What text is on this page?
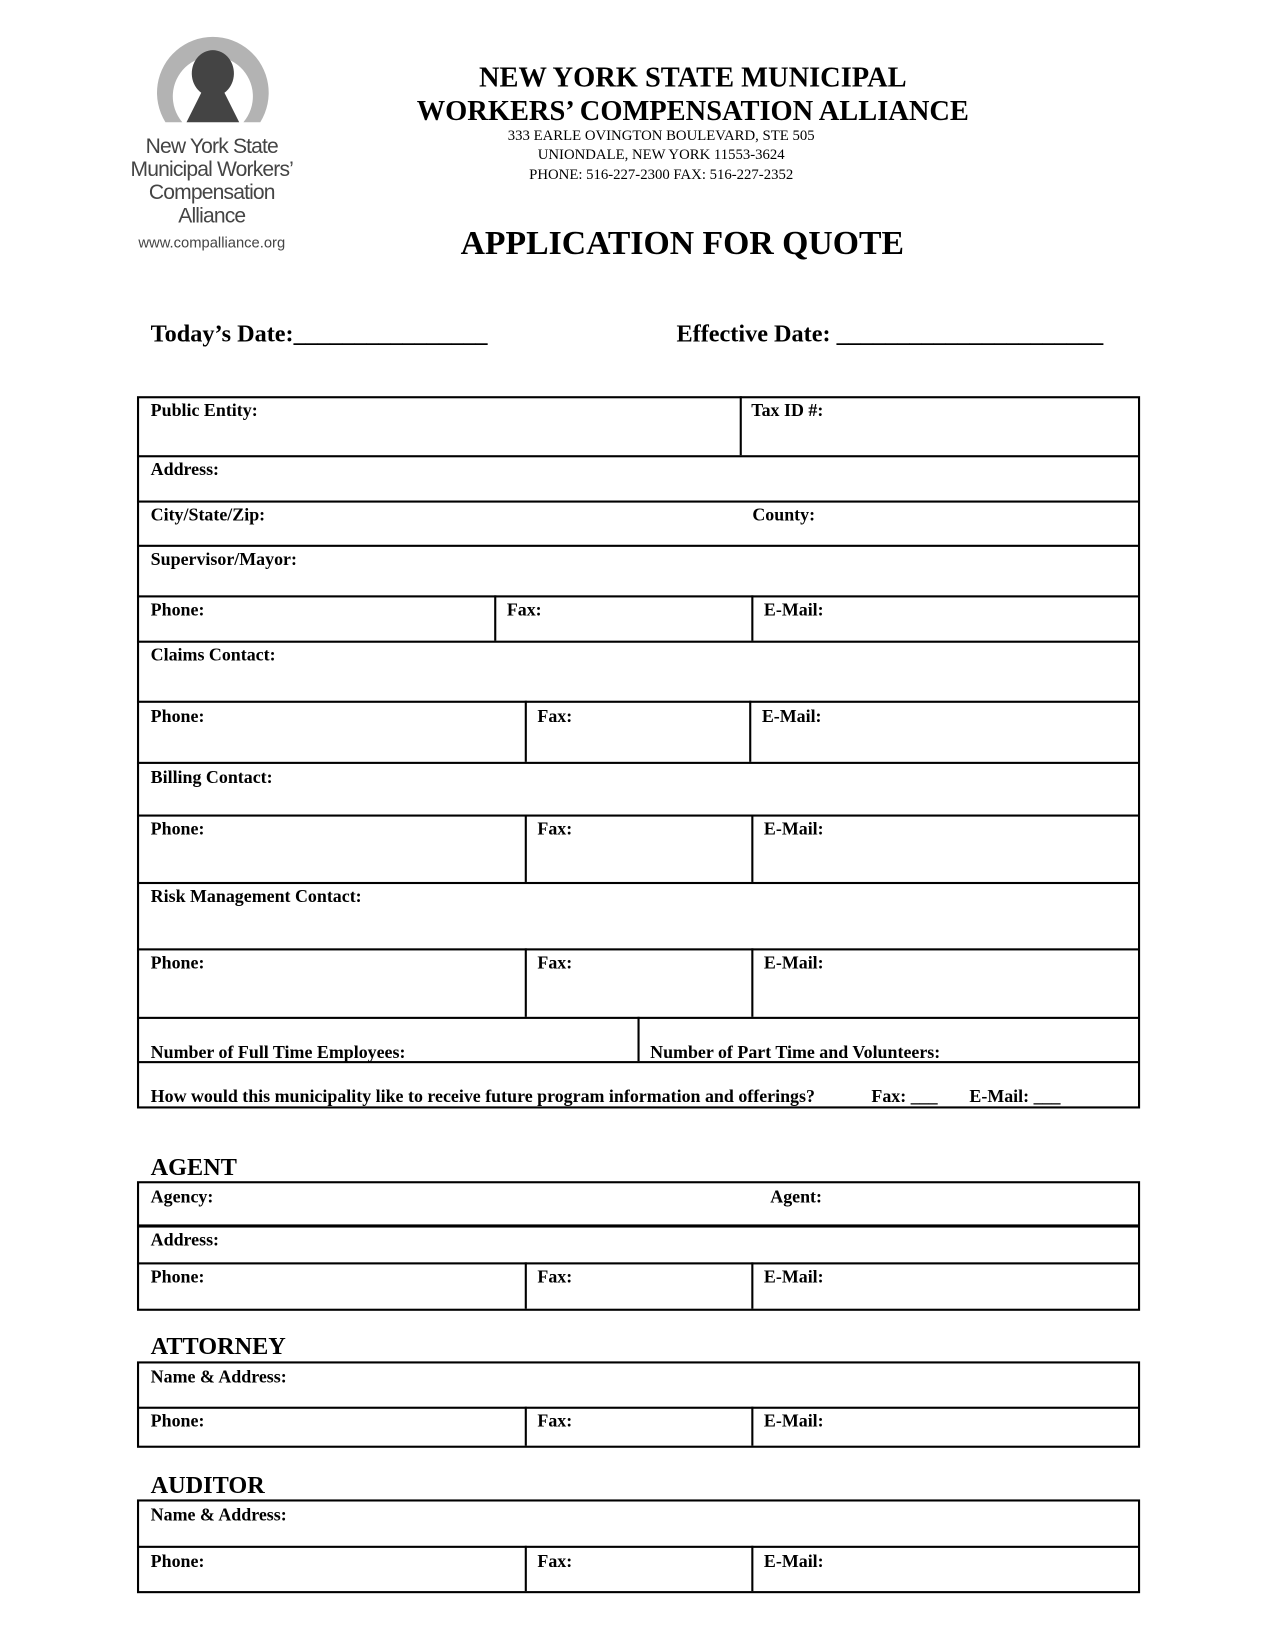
New York State
Municipal Workers’
Compensation
Alliance
www.compalliance.org
NEW YORK STATE MUNICIPAL
WORKERS’ COMPENSATION ALLIANCE
333 EARLE OVINGTON BOULEVARD, STE 505
UNIONDALE, NEW YORK 11553-3624
PHONE: 516-227-2300 FAX: 516-227-2352
APPLICATION FOR QUOTE
Today’s Date:________________	Effective Date: ______________________
Public Entity:	Tax ID #:
Address:
City/State/Zip:	County:
Supervisor/Mayor:
Phone:	Fax:	E-Mail:
Claims Contact:
Phone:	Fax:	E-Mail:
Billing Contact:
Phone:	Fax:	E-Mail:
Risk Management Contact:
Phone:	Fax:	E-Mail:
Number of Full Time Employees:	Number of Part Time and Volunteers:
How would this municipality like to receive future program information and offerings?	Fax: ___ E-Mail: ___
AGENT
Agency:	Agent:
Address:
Phone:	Fax:	E-Mail:
ATTORNEY
Name & Address:
Phone:	Fax:	E-Mail:
AUDITOR
Name & Address:
Phone:	Fax:	E-Mail:
